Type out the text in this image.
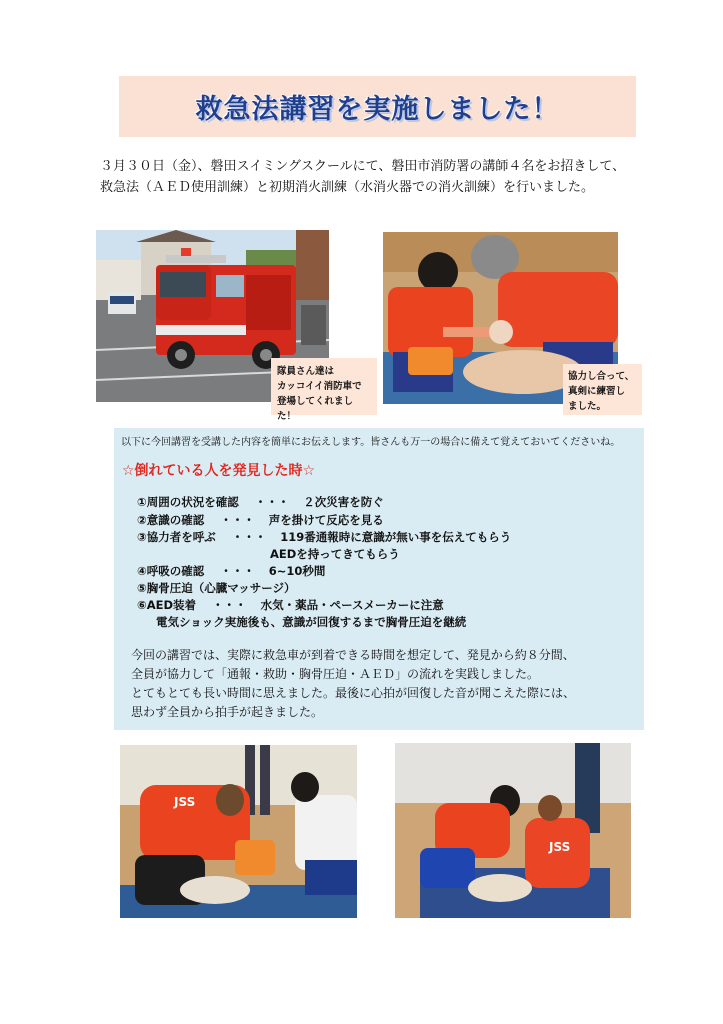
救急法講習を実施しました！
３月３０日（金）、磐田スイミングスクールにて、磐田市消防署の講師４名をお招きして、
救急法（ＡＥＤ使用訓練）と初期消火訓練（水消火器での消火訓練）を行いました。
隊員さん達は
カッコイイ消防車で
登場してくれました！
協力し合って、
真剣に練習し
ました。
以下に今回講習を受講した内容を簡単にお伝えします。皆さんも万一の場合に備えて覚えておいてくださいね。
☆倒れている人を発見した時☆
①周囲の状況を確認 ・・・ ２次災害を防ぐ
②意識の確認 ・・・ 声を掛けて反応を見る
③協力者を呼ぶ ・・・ 119番通報時に意識が無い事を伝えてもらう
AEDを持ってきてもらう
④呼吸の確認 ・・・ 6~10秒間
⑤胸骨圧迫（心臓マッサージ）
⑥AED装着 ・・・ 水気・薬品・ペースメーカーに注意
電気ショック実施後も、意識が回復するまで胸骨圧迫を継続
今回の講習では、実際に救急車が到着できる時間を想定して、発見から約８分間、
全員が協力して「通報・救助・胸骨圧迫・ＡＥＤ」の流れを実践しました。
とてもとても長い時間に思えました。最後に心拍が回復した音が聞こえた際には、
思わず全員から拍手が起きました。
JSS
JSS
